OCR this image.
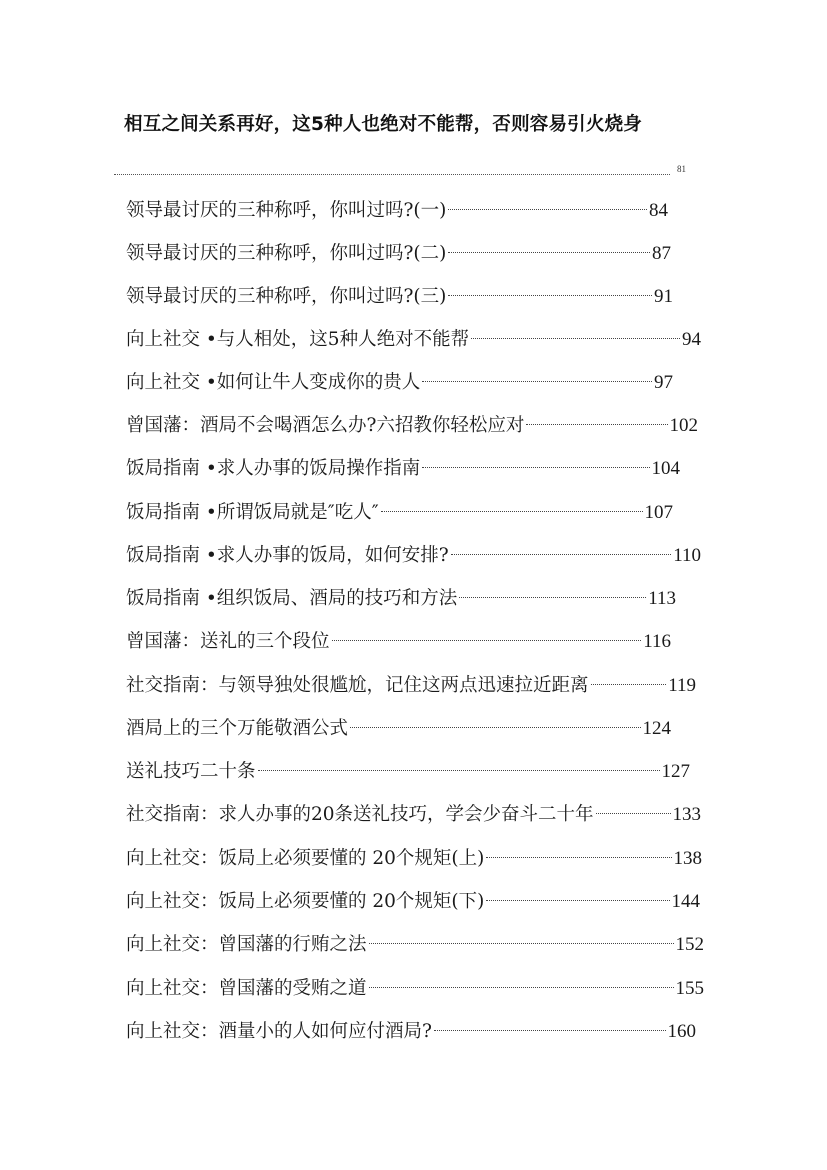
相互之间关系再好，这5种人也绝对不能帮，否则容易引火烧身
81
领导最讨厌的三种称呼，你叫过吗?(一)	84
领导最讨厌的三种称呼，你叫过吗?(二)	87
领导最讨厌的三种称呼，你叫过吗?(三)	91
向上社交 •与人相处，这5种人绝对不能帮	94
向上社交 •如何让牛人变成你的贵人	97
曾国藩：酒局不会喝酒怎么办?六招教你轻松应对	102
饭局指南 •求人办事的饭局操作指南	104
饭局指南 •所谓饭局就是″吃人″	107
饭局指南 •求人办事的饭局，如何安排?	110
饭局指南 •组织饭局、酒局的技巧和方法	113
曾国藩：送礼的三个段位	116
社交指南：与领导独处很尴尬，记住这两点迅速拉近距离	119
酒局上的三个万能敬酒公式	124
送礼技巧二十条	127
社交指南：求人办事的20条送礼技巧，学会少奋斗二十年	133
向上社交：饭局上必须要懂的 20个规矩(上)	138
向上社交：饭局上必须要懂的 20个规矩(下)	144
向上社交：曾国藩的行贿之法	152
向上社交：曾国藩的受贿之道	155
向上社交：酒量小的人如何应付酒局?	160
